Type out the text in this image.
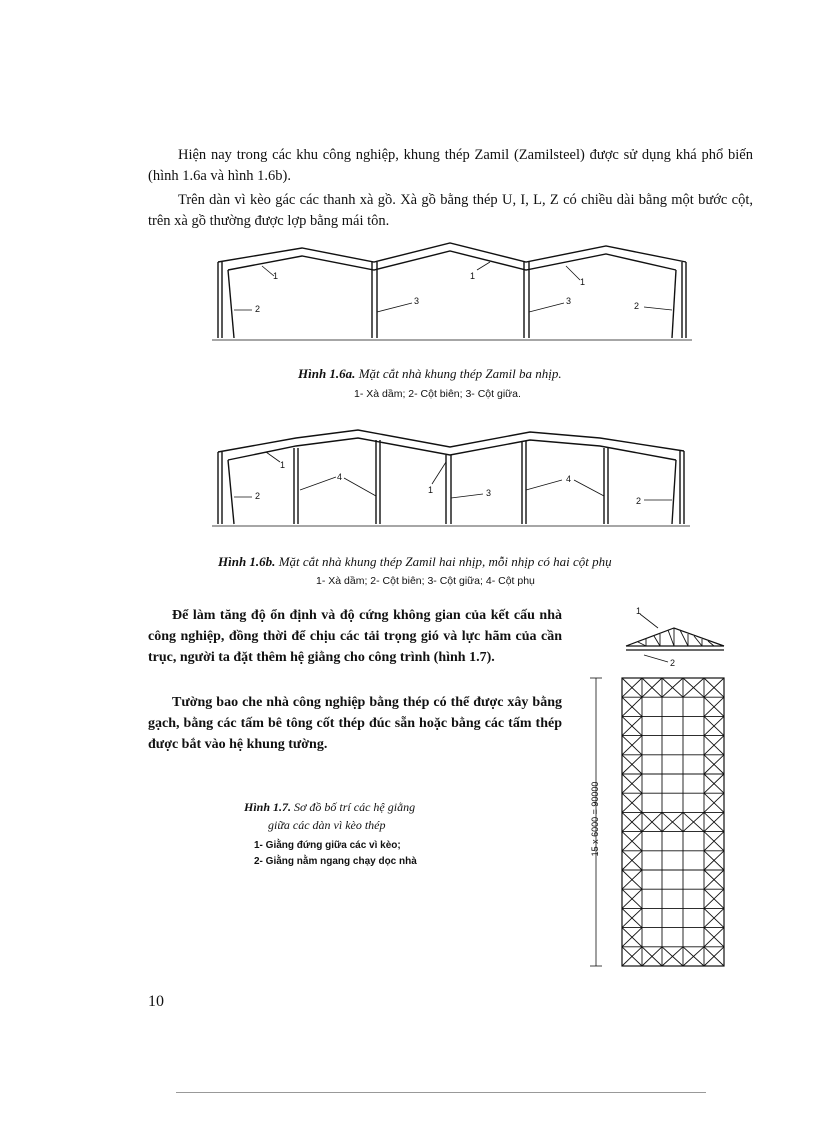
Hiện nay trong các khu công nghiệp, khung thép Zamil (Zamilsteel) được sử dụng khá phổ biến (hình 1.6a và hình 1.6b).

Trên dàn vì kèo gác các thanh xà gồ. Xà gồ bằng thép U, I, L, Z có chiều dài bằng một bước cột, trên xà gồ thường được lợp bằng mái tôn.

1	1
1
2
3	3	2
Hình 1.6a. Mặt cắt nhà khung thép Zamil ba nhịp.
1- Xà dầm; 2- Cột biên; 3- Cột giữa.
1
1
2
4
3
4
2
Hình 1.6b. Mặt cắt nhà khung thép Zamil hai nhịp, mỗi nhịp có hai cột phụ
1- Xà dầm; 2- Cột biên; 3- Cột giữa; 4- Cột phụ

Để làm tăng độ ổn định và độ cứng không gian của kết cấu nhà công nghiệp, đồng thời để chịu các tải trọng gió và lực hãm của cần trục, người ta đặt thêm hệ giằng cho công trình (hình 1.7).

Tường bao che nhà công nghiệp bằng thép có thể được xây bằng gạch, bằng các tấm bê tông cốt thép đúc sẵn hoặc bằng các tấm thép được bắt vào hệ khung tường.

Hình 1.7. Sơ đồ bố trí các hệ giằng
giữa các dàn vì kèo thép
1- Giằng đứng giữa các vì kèo;
2- Giằng nằm ngang chạy dọc nhà
1
2
15 x 6000 = 90000
10
